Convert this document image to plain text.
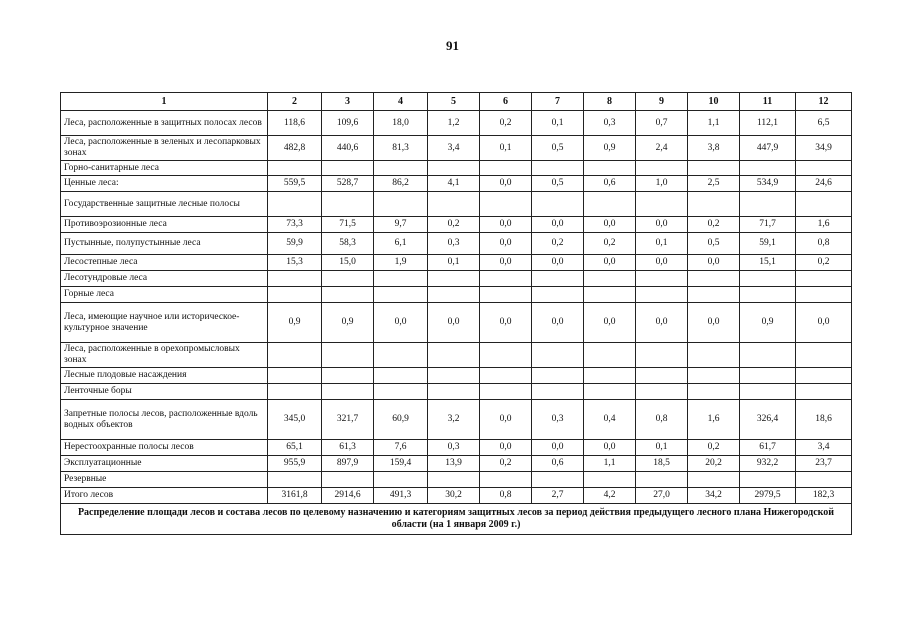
91
1	2	3	4	5	6	7	8	9	10	11	12
Леса, расположенные в защитных полосах лесов	118,6	109,6	18,0	1,2	0,2	0,1	0,3	0,7	1,1	112,1	6,5
Леса, расположенные в зеленых и лесопарковых зонах	482,8	440,6	81,3	3,4	0,1	0,5	0,9	2,4	3,8	447,9	34,9
Горно-санитарные леса											
Ценные леса:	559,5	528,7	86,2	4,1	0,0	0,5	0,6	1,0	2,5	534,9	24,6
Государственные защитные лесные полосы											
Противоэрозионные леса	73,3	71,5	9,7	0,2	0,0	0,0	0,0	0,0	0,2	71,7	1,6
Пустынные, полупустынные леса	59,9	58,3	6,1	0,3	0,0	0,2	0,2	0,1	0,5	59,1	0,8
Лесостепные леса	15,3	15,0	1,9	0,1	0,0	0,0	0,0	0,0	0,0	15,1	0,2
Лесотундровые леса											
Горные леса											
Леса, имеющие научное или историческое-культурное значение	0,9	0,9	0,0	0,0	0,0	0,0	0,0	0,0	0,0	0,9	0,0
Леса, расположенные в орехопромысловых зонах											
Лесные плодовые насаждения											
Ленточные боры											
Запретные полосы лесов, расположенные вдоль водных объектов	345,0	321,7	60,9	3,2	0,0	0,3	0,4	0,8	1,6	326,4	18,6
Нерестоохранные полосы лесов	65,1	61,3	7,6	0,3	0,0	0,0	0,0	0,1	0,2	61,7	3,4
Эксплуатационные	955,9	897,9	159,4	13,9	0,2	0,6	1,1	18,5	20,2	932,2	23,7
Резервные											
Итого лесов	3161,8	2914,6	491,3	30,2	0,8	2,7	4,2	27,0	34,2	2979,5	182,3
Распределение площади лесов и состава лесов по целевому назначению и категориям защитных лесов за период действия предыдущего лесного плана Нижегородской области (на 1 января 2009 г.)											
